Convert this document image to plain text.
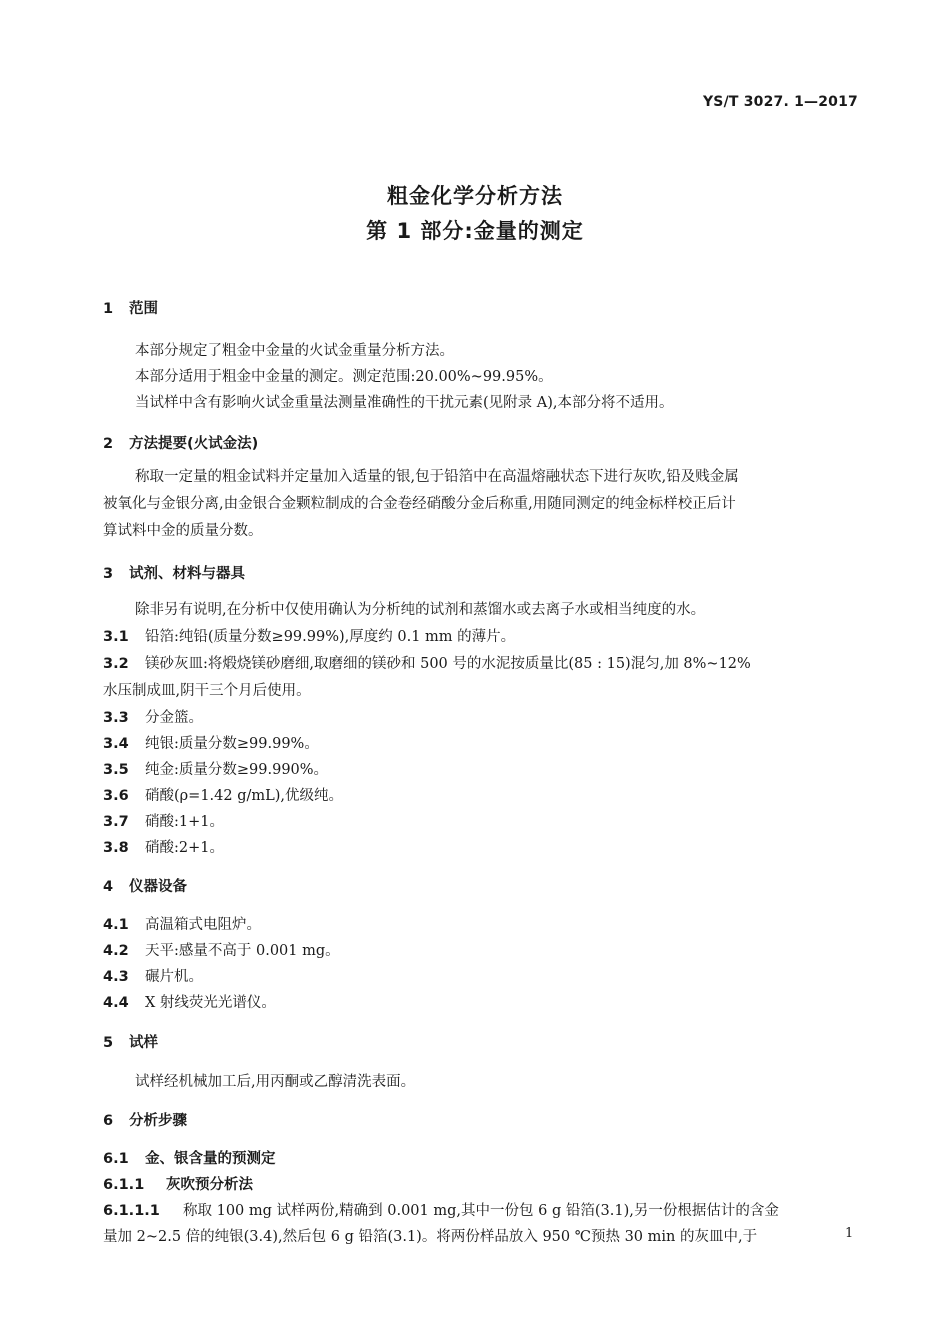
YS/T 3027. 1—2017
粗金化学分析方法
第 1 部分:金量的测定
1 范围
本部分规定了粗金中金量的火试金重量分析方法。
本部分适用于粗金中金量的测定。测定范围:20.00%~99.95%。
当试样中含有影响火试金重量法测量准确性的干扰元素(见附录 A),本部分将不适用。
2 方法提要(火试金法)
称取一定量的粗金试料并定量加入适量的银,包于铅箔中在高温熔融状态下进行灰吹,铅及贱金属
被氧化与金银分离,由金银合金颗粒制成的合金卷经硝酸分金后称重,用随同测定的纯金标样校正后计
算试料中金的质量分数。
3 试剂、材料与器具
除非另有说明,在分析中仅使用确认为分析纯的试剂和蒸馏水或去离子水或相当纯度的水。
3.1 铅箔:纯铅(质量分数≥99.99%),厚度约 0.1 mm 的薄片。
3.2 镁砂灰皿:将煅烧镁砂磨细,取磨细的镁砂和 500 号的水泥按质量比(85 : 15)混匀,加 8%~12%
水压制成皿,阴干三个月后使用。
3.3 分金篮。
3.4 纯银:质量分数≥99.99%。
3.5 纯金:质量分数≥99.990%。
3.6 硝酸(ρ=1.42 g/mL),优级纯。
3.7 硝酸:1+1。
3.8 硝酸:2+1。
4 仪器设备
4.1 高温箱式电阻炉。
4.2 天平:感量不高于 0.001 mg。
4.3 碾片机。
4.4 X 射线荧光光谱仪。
5 试样
试样经机械加工后,用丙酮或乙醇清洗表面。
6 分析步骤
6.1 金、银含量的预测定
6.1.1 灰吹预分析法
6.1.1.1 称取 100 mg 试样两份,精确到 0.001 mg,其中一份包 6 g 铅箔(3.1),另一份根据估计的含金
量加 2~2.5 倍的纯银(3.4),然后包 6 g 铅箔(3.1)。将两份样品放入 950 ℃预热 30 min 的灰皿中,于	1
